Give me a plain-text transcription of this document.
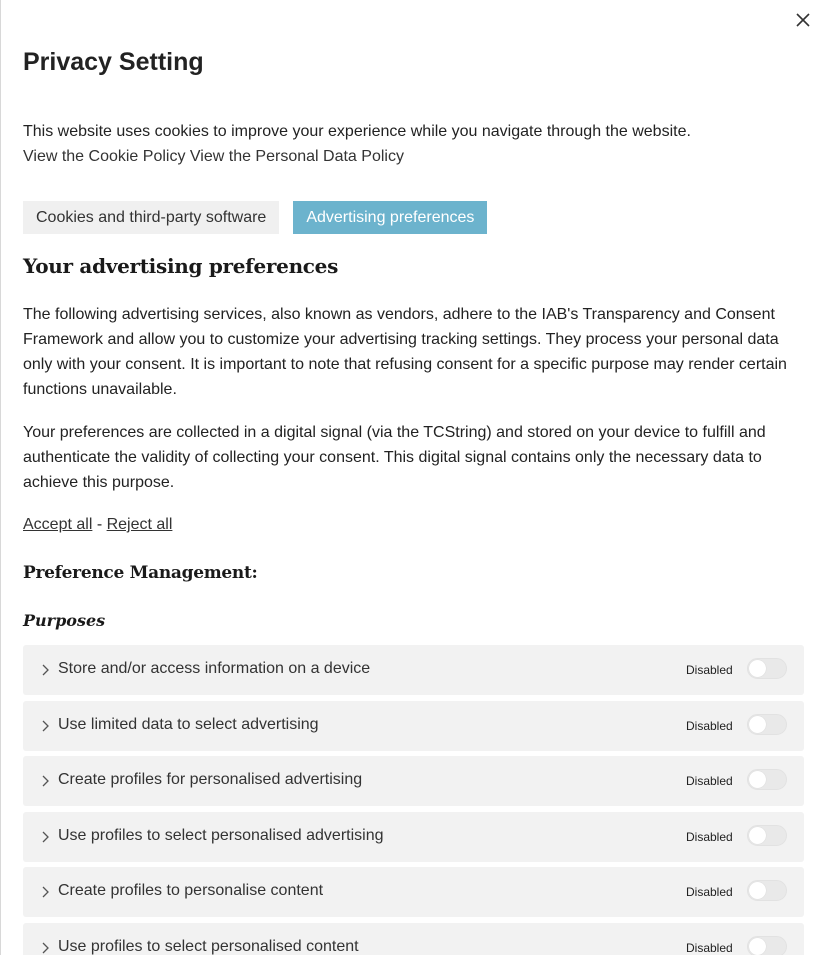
Privacy Setting
This website uses cookies to improve your experience while you navigate through the website.
View the Cookie Policy View the Personal Data Policy
Cookies and third-party software	Advertising preferences
Your advertising preferences

The following advertising services, also known as vendors, adhere to the IAB's Transparency and Consent Framework and allow you to customize your advertising tracking settings. They process your personal data only with your consent. It is important to note that refusing consent for a specific purpose may render certain functions unavailable.

Your preferences are collected in a digital signal (via the TCString) and stored on your device to fulfill and authenticate the validity of collecting your consent. This digital signal contains only the necessary data to achieve this purpose.

Accept all - Reject all
Preference Management:
Purposes
Store and/or access information on a device	Disabled
Use limited data to select advertising	Disabled
Create profiles for personalised advertising	Disabled
Use profiles to select personalised advertising	Disabled
Create profiles to personalise content	Disabled
Use profiles to select personalised content	Disabled
